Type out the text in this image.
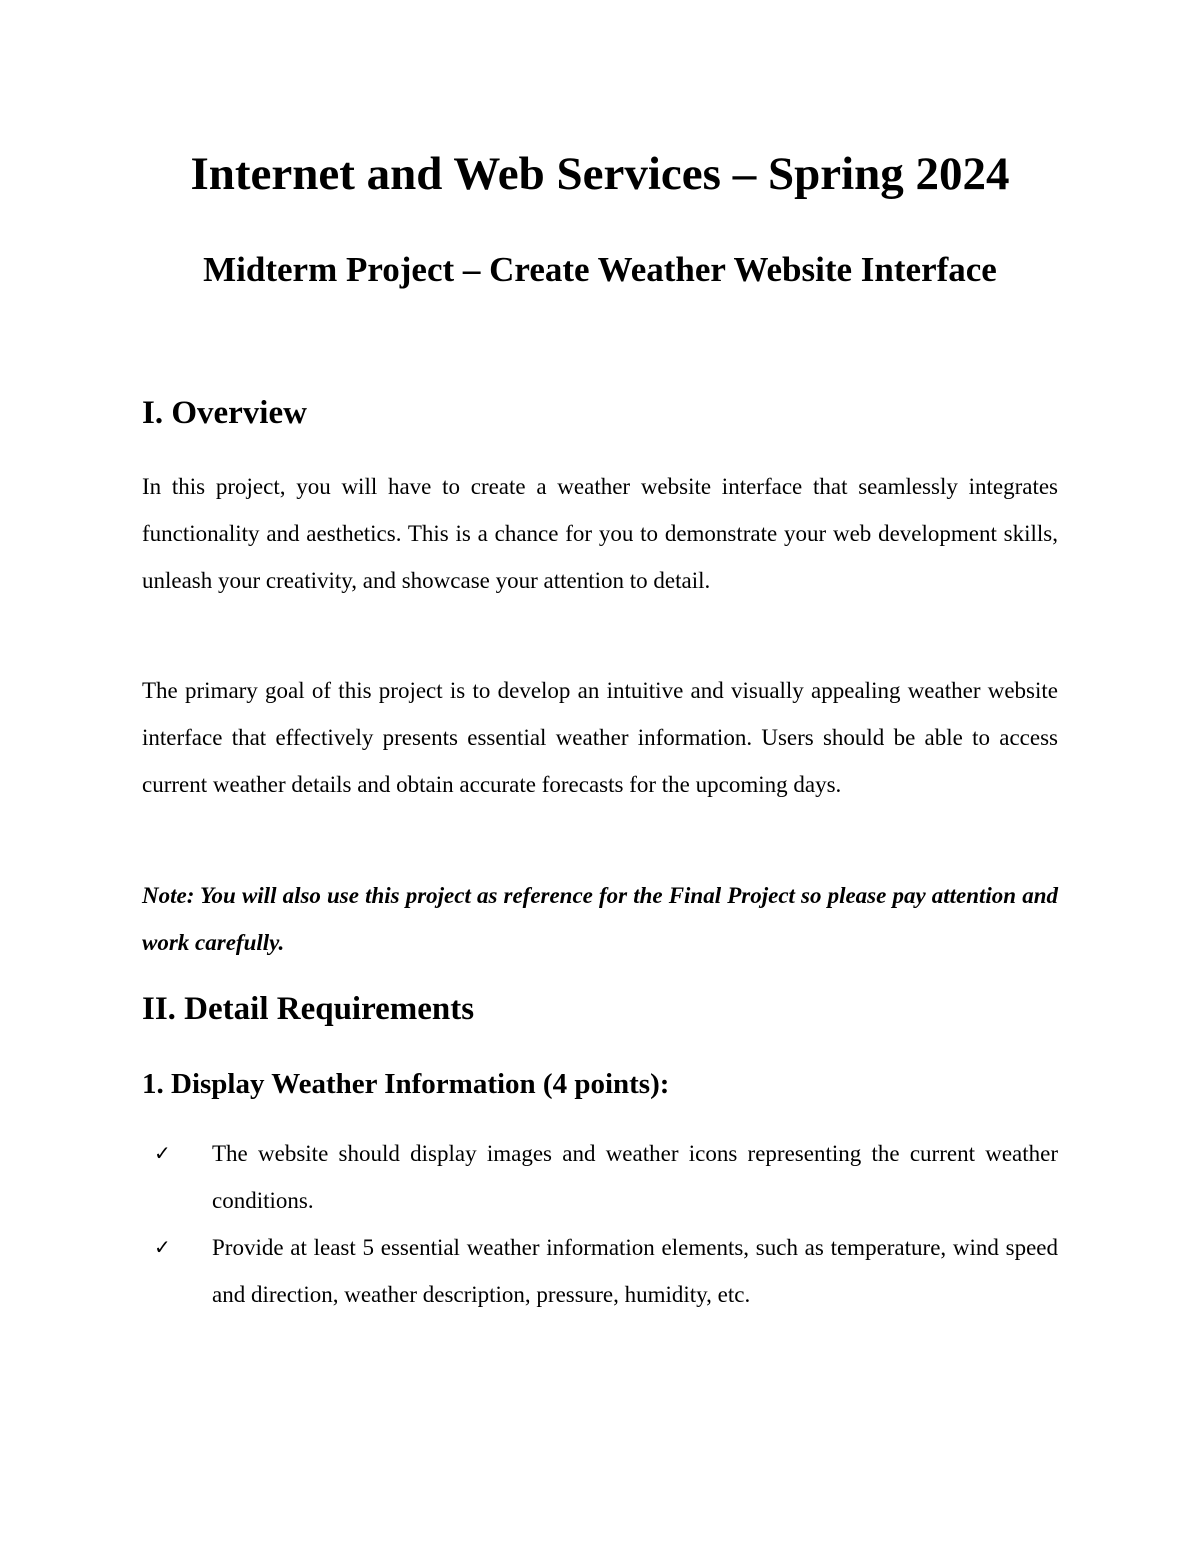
Internet and Web Services – Spring 2024
Midterm Project – Create Weather Website Interface
I. Overview

In this project, you will have to create a weather website interface that seamlessly integrates functionality and aesthetics. This is a chance for you to demonstrate your web development skills, unleash your creativity, and showcase your attention to detail.

The primary goal of this project is to develop an intuitive and visually appealing weather website interface that effectively presents essential weather information. Users should be able to access current weather details and obtain accurate forecasts for the upcoming days.

Note: You will also use this project as reference for the Final Project so please pay attention and work carefully.

II. Detail Requirements
1. Display Weather Information (4 points):
✓ The website should display images and weather icons representing the current weather conditions.
✓ Provide at least 5 essential weather information elements, such as temperature, wind speed and direction, weather description, pressure, humidity, etc.
